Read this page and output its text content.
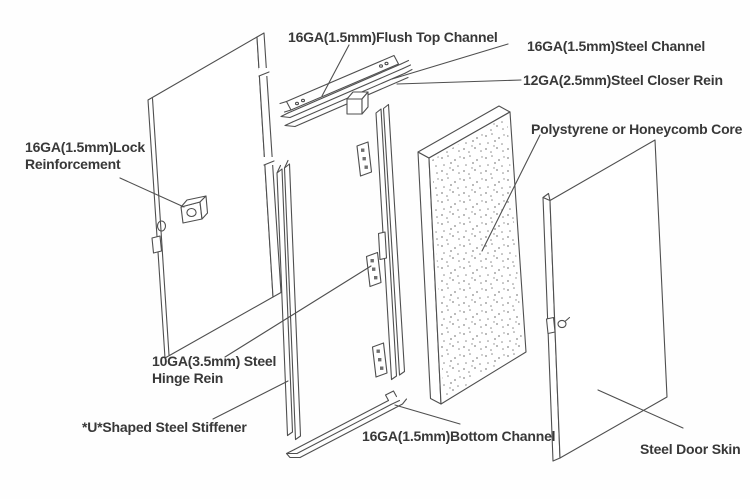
16GA(1.5mm)Flush Top Channel
16GA(1.5mm)Steel Channel
12GA(2.5mm)Steel Closer Rein
Polystyrene or Honeycomb Core
16GA(1.5mm)Lock Reinforcement
10GA(3.5mm) Steel Hinge Rein
*U*Shaped Steel Stiffener
16GA(1.5mm)Bottom Channel
Steel Door Skin
